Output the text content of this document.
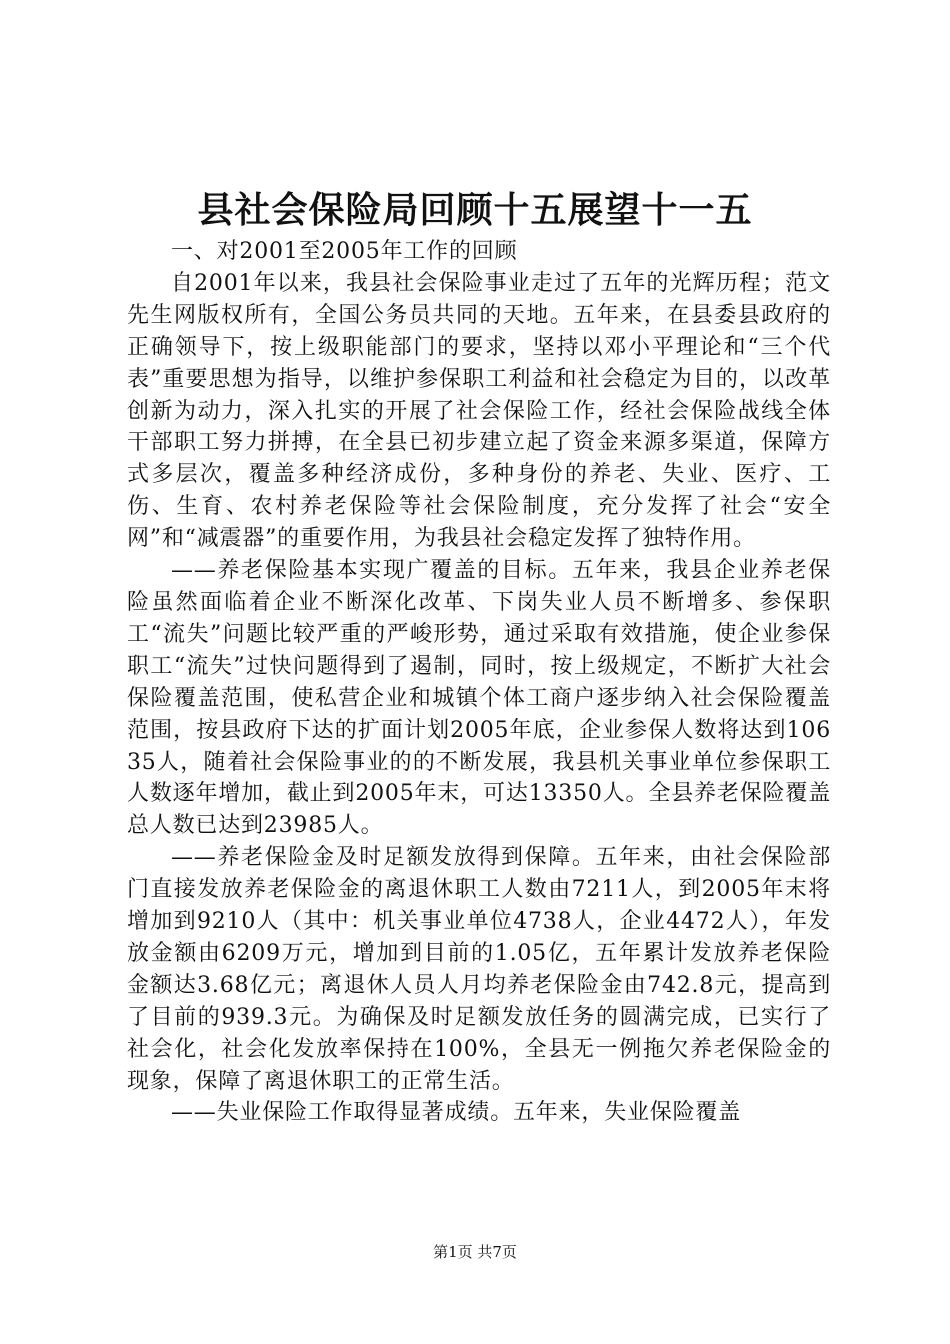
县社会保险局回顾十五展望十一五

一、对2001至2005年工作的回顾

自2001年以来，我县社会保险事业走过了五年的光辉历程；范文先生网版权所有，全国公务员共同的天地。五年来，在县委县政府的正确领导下，按上级职能部门的要求，坚持以邓小平理论和“三个代表”重要思想为指导，以维护参保职工利益和社会稳定为目的，以改革创新为动力，深入扎实的开展了社会保险工作，经社会保险战线全体干部职工努力拼搏，在全县已初步建立起了资金来源多渠道，保障方式多层次，覆盖多种经济成份，多种身份的养老、失业、医疗、工伤、生育、农村养老保险等社会保险制度，充分发挥了社会“安全网”和“减震器”的重要作用，为我县社会稳定发挥了独特作用。

——养老保险基本实现广覆盖的目标。五年来，我县企业养老保险虽然面临着企业不断深化改革、下岗失业人员不断增多、参保职工“流失”问题比较严重的严峻形势，通过采取有效措施，使企业参保职工“流失”过快问题得到了遏制，同时，按上级规定，不断扩大社会保险覆盖范围，使私营企业和城镇个体工商户逐步纳入社会保险覆盖范围，按县政府下达的扩面计划2005年底，企业参保人数将达到10635人，随着社会保险事业的的不断发展，我县机关事业单位参保职工人数逐年增加，截止到2005年末，可达13350人。全县养老保险覆盖总人数已达到23985人。

——养老保险金及时足额发放得到保障。五年来，由社会保险部门直接发放养老保险金的离退休职工人数由7211人，到2005年末将增加到9210人（其中：机关事业单位4738人，企业4472人），年发放金额由6209万元，增加到目前的1.05亿，五年累计发放养老保险金额达3.68亿元；离退休人员人月均养老保险金由742.8元，提高到了目前的939.3元。为确保及时足额发放任务的圆满完成，已实行了社会化，社会化发放率保持在100%，全县无一例拖欠养老保险金的现象，保障了离退休职工的正常生活。

——失业保险工作取得显著成绩。五年来，失业保险覆盖

第1页 共7页
